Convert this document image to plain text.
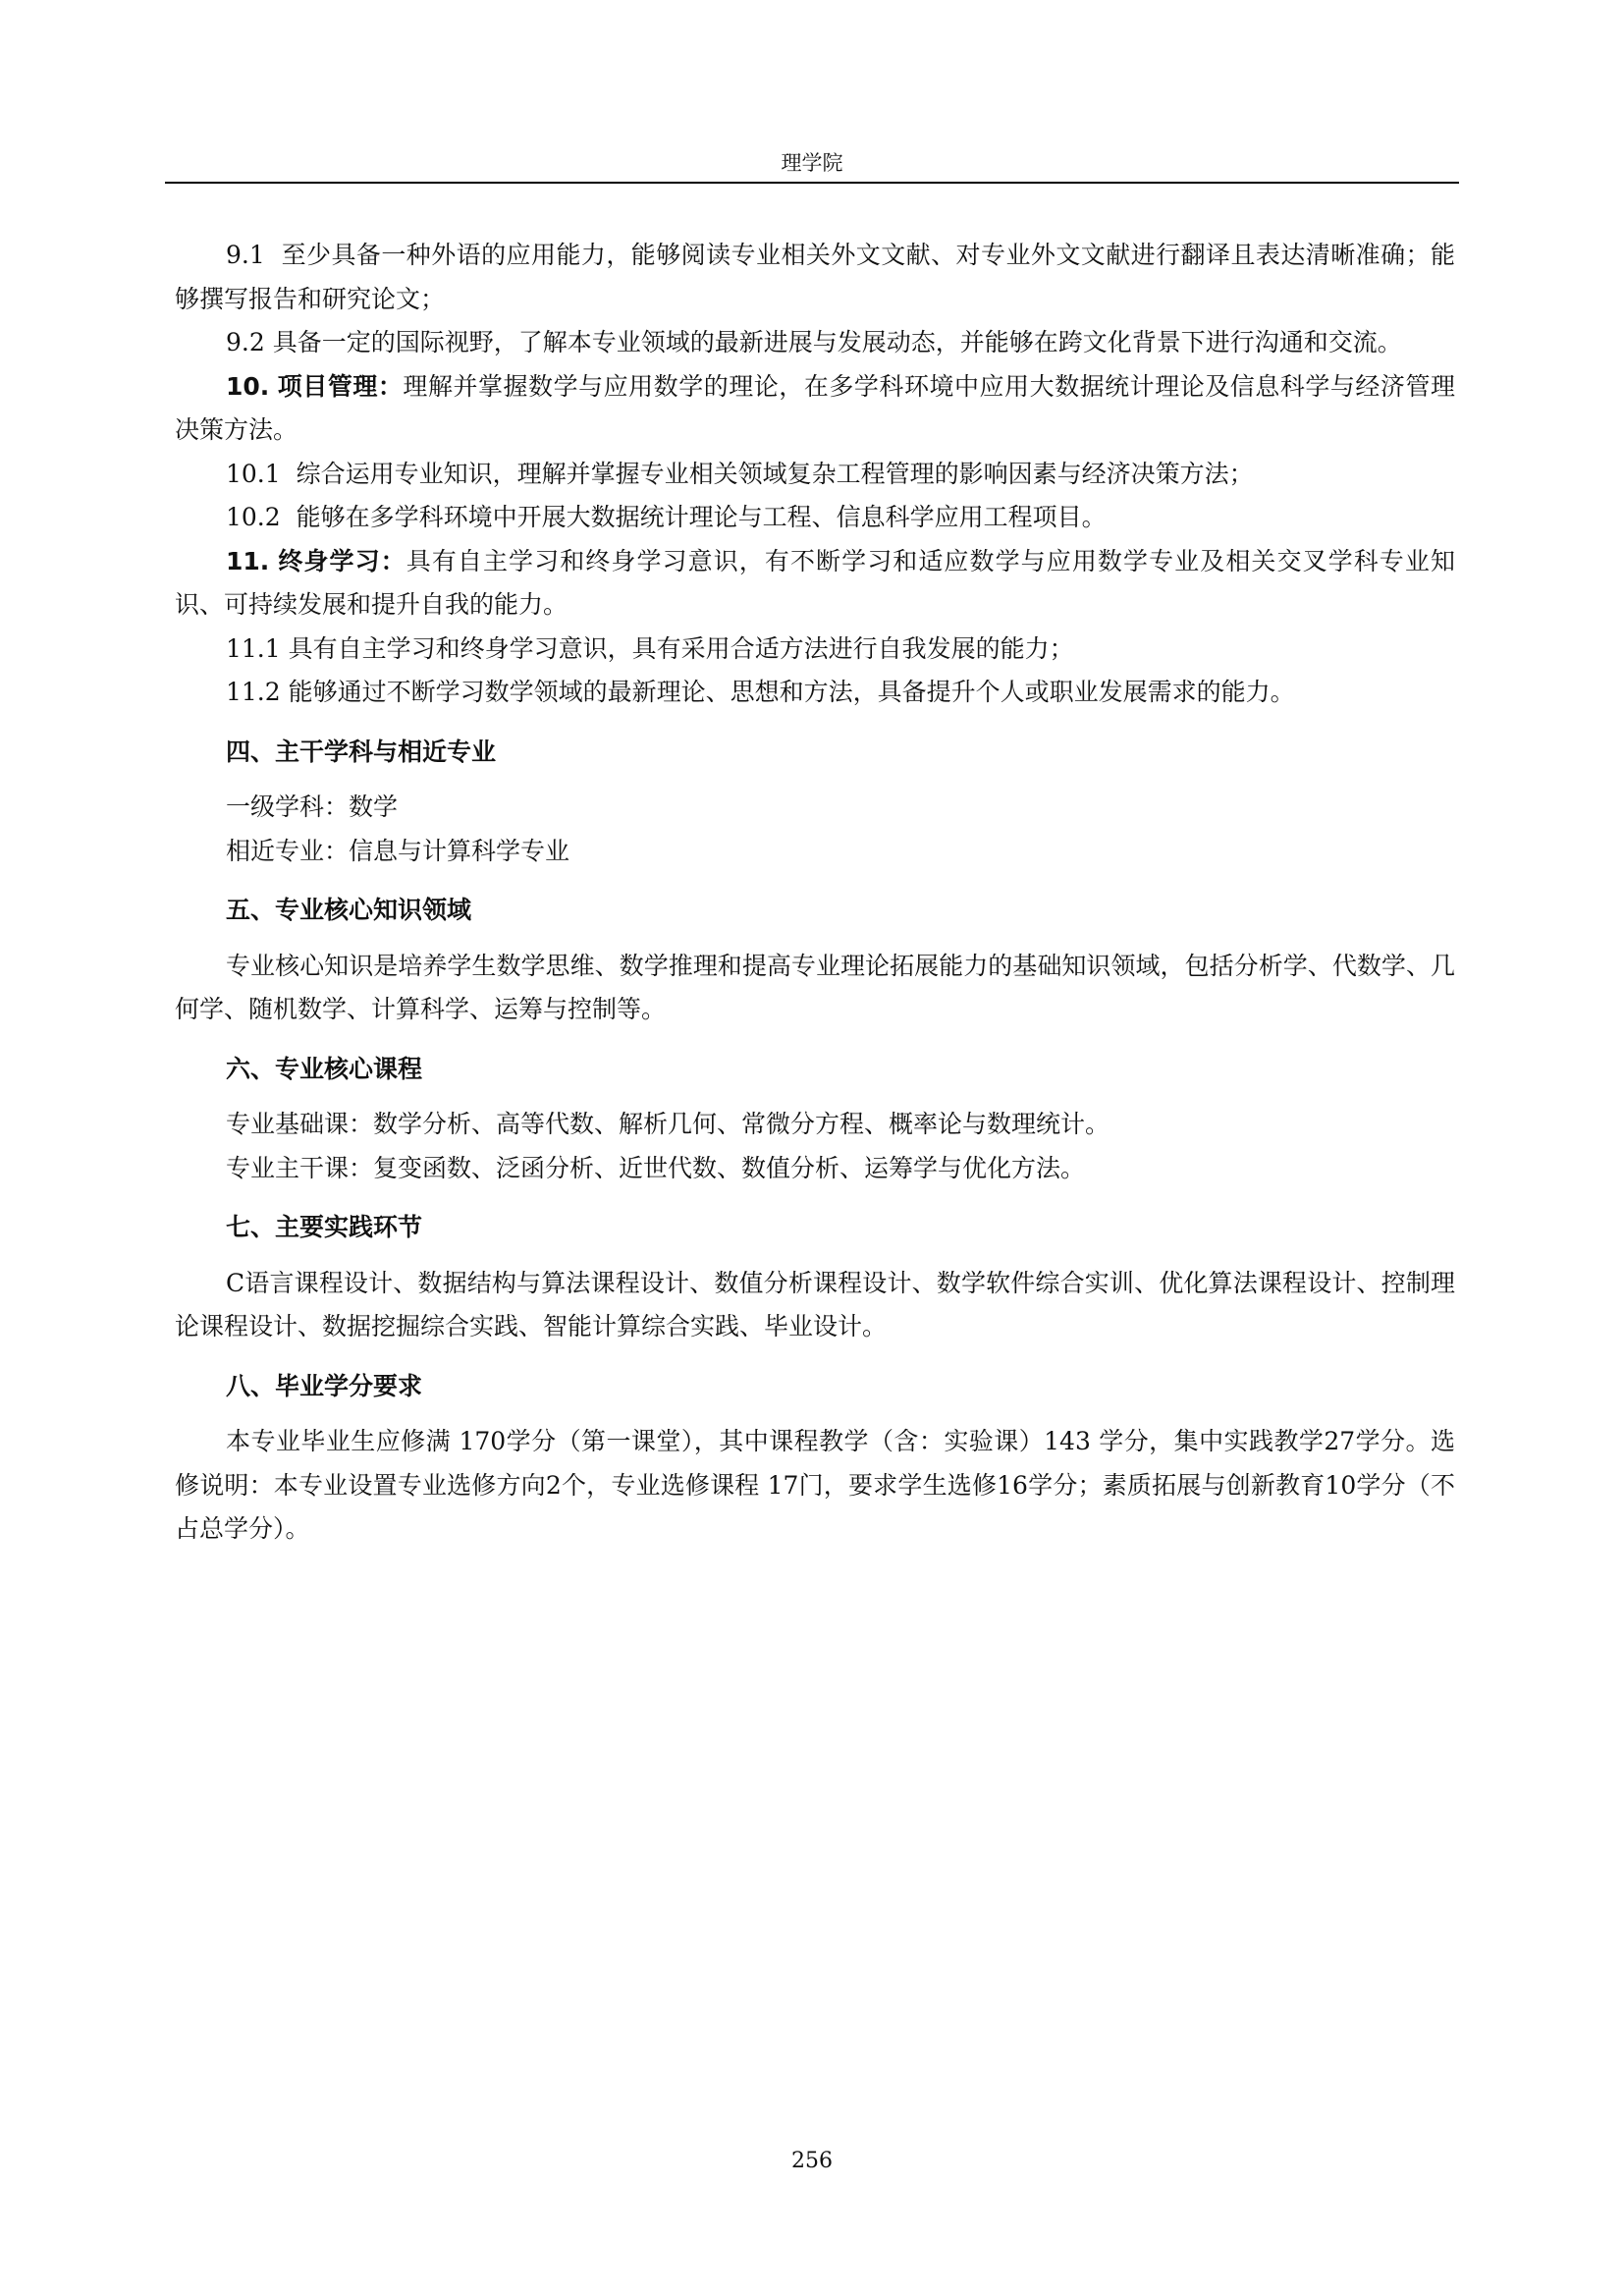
理学院

9.1 至少具备一种外语的应用能力，能够阅读专业相关外文文献、对专业外文文献进行翻译且表达清晰准确；能够撰写报告和研究论文；

9.2 具备一定的国际视野，了解本专业领域的最新进展与发展动态，并能够在跨文化背景下进行沟通和交流。

10. 项目管理：理解并掌握数学与应用数学的理论，在多学科环境中应用大数据统计理论及信息科学与经济管理决策方法。

10.1 综合运用专业知识，理解并掌握专业相关领域复杂工程管理的影响因素与经济决策方法；

10.2 能够在多学科环境中开展大数据统计理论与工程、信息科学应用工程项目。

11. 终身学习：具有自主学习和终身学习意识，有不断学习和适应数学与应用数学专业及相关交叉学科专业知识、可持续发展和提升自我的能力。

11.1 具有自主学习和终身学习意识，具有采用合适方法进行自我发展的能力；

11.2 能够通过不断学习数学领域的最新理论、思想和方法，具备提升个人或职业发展需求的能力。

四、主干学科与相近专业

一级学科：数学

相近专业：信息与计算科学专业

五、专业核心知识领域

专业核心知识是培养学生数学思维、数学推理和提高专业理论拓展能力的基础知识领域，包括分析学、代数学、几何学、随机数学、计算科学、运筹与控制等。

六、专业核心课程

专业基础课：数学分析、高等代数、解析几何、常微分方程、概率论与数理统计。

专业主干课：复变函数、泛函分析、近世代数、数值分析、运筹学与优化方法。

七、主要实践环节

C语言课程设计、数据结构与算法课程设计、数值分析课程设计、数学软件综合实训、优化算法课程设计、控制理论课程设计、数据挖掘综合实践、智能计算综合实践、毕业设计。

八、毕业学分要求

本专业毕业生应修满 170学分（第一课堂），其中课程教学（含：实验课）143 学分，集中实践教学27学分。选修说明：本专业设置专业选修方向2个，专业选修课程 17门，要求学生选修16学分；素质拓展与创新教育10学分（不占总学分）。

256
